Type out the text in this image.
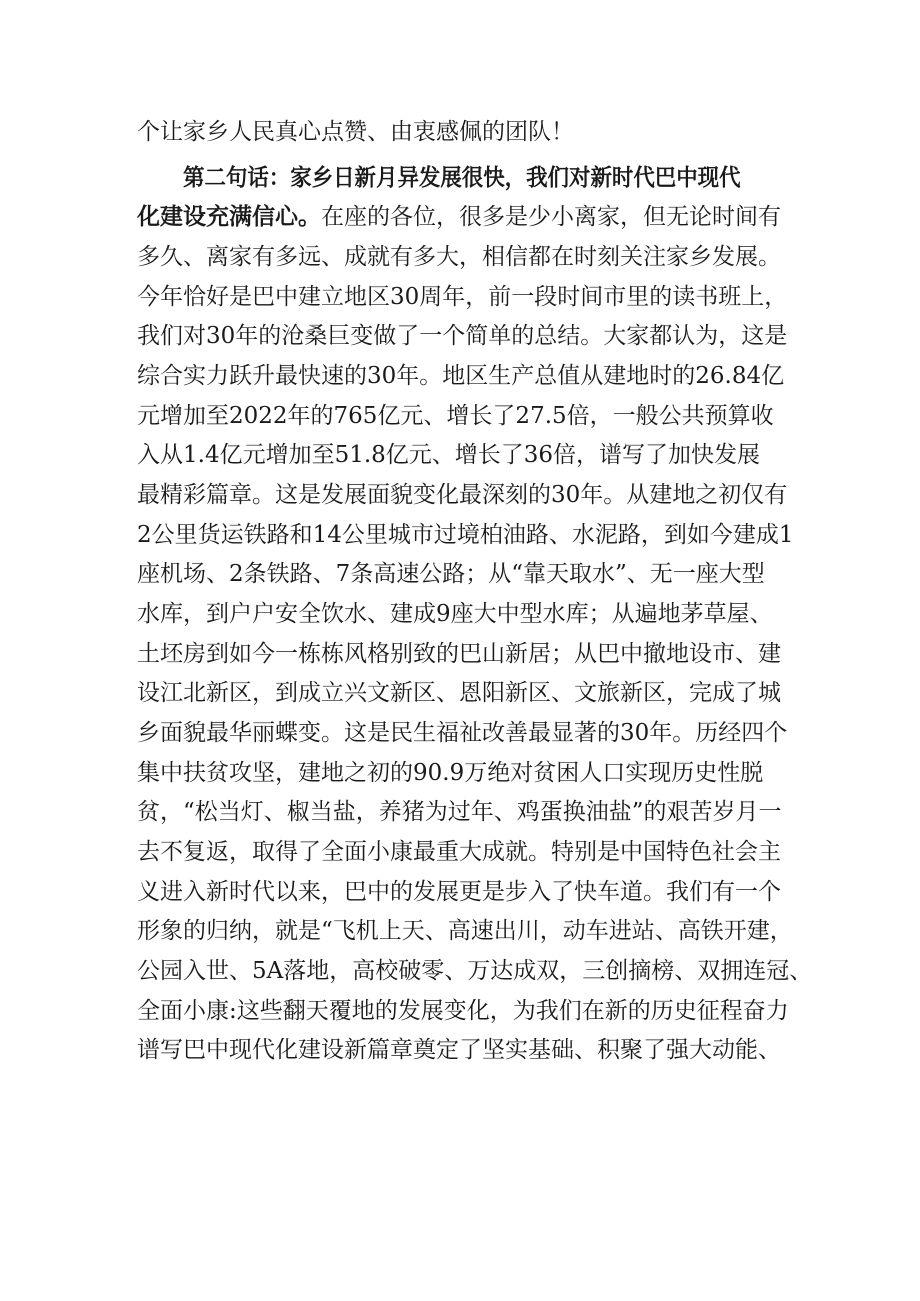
个让家乡人民真心点赞、由衷感佩的团队！
第二句话：家乡日新月异发展很快，我们对新时代巴中现代
化建设充满信心。在座的各位，很多是少小离家，但无论时间有
多久、离家有多远、成就有多大，相信都在时刻关注家乡发展。
今年恰好是巴中建立地区30周年，前一段时间市里的读书班上，
我们对30年的沧桑巨变做了一个简单的总结。大家都认为，这是
综合实力跃升最快速的30年。地区生产总值从建地时的26.84亿
元增加至2022年的765亿元、增长了27.5倍，一般公共预算收
入从1.4亿元增加至51.8亿元、增长了36倍，谱写了加快发展
最精彩篇章。这是发展面貌变化最深刻的30年。从建地之初仅有
2公里货运铁路和14公里城市过境柏油路、水泥路，到如今建成1
座机场、2条铁路、7条高速公路；从“靠天取水”、无一座大型
水库，到户户安全饮水、建成9座大中型水库；从遍地茅草屋、
土坯房到如今一栋栋风格别致的巴山新居；从巴中撤地设市、建
设江北新区，到成立兴文新区、恩阳新区、文旅新区，完成了城
乡面貌最华丽蝶变。这是民生福祉改善最显著的30年。历经四个
集中扶贫攻坚，建地之初的90.9万绝对贫困人口实现历史性脱
贫，“松当灯、椒当盐，养猪为过年、鸡蛋换油盐”的艰苦岁月一
去不复返，取得了全面小康最重大成就。特别是中国特色社会主
义进入新时代以来，巴中的发展更是步入了快车道。我们有一个
形象的归纳，就是“飞机上天、高速出川，动车进站、高铁开建，
公园入世、5A落地，高校破零、万达成双，三创摘榜、双拥连冠、
全面小康:这些翻天覆地的发展变化，为我们在新的历史征程奋力
谱写巴中现代化建设新篇章奠定了坚实基础、积聚了强大动能、
